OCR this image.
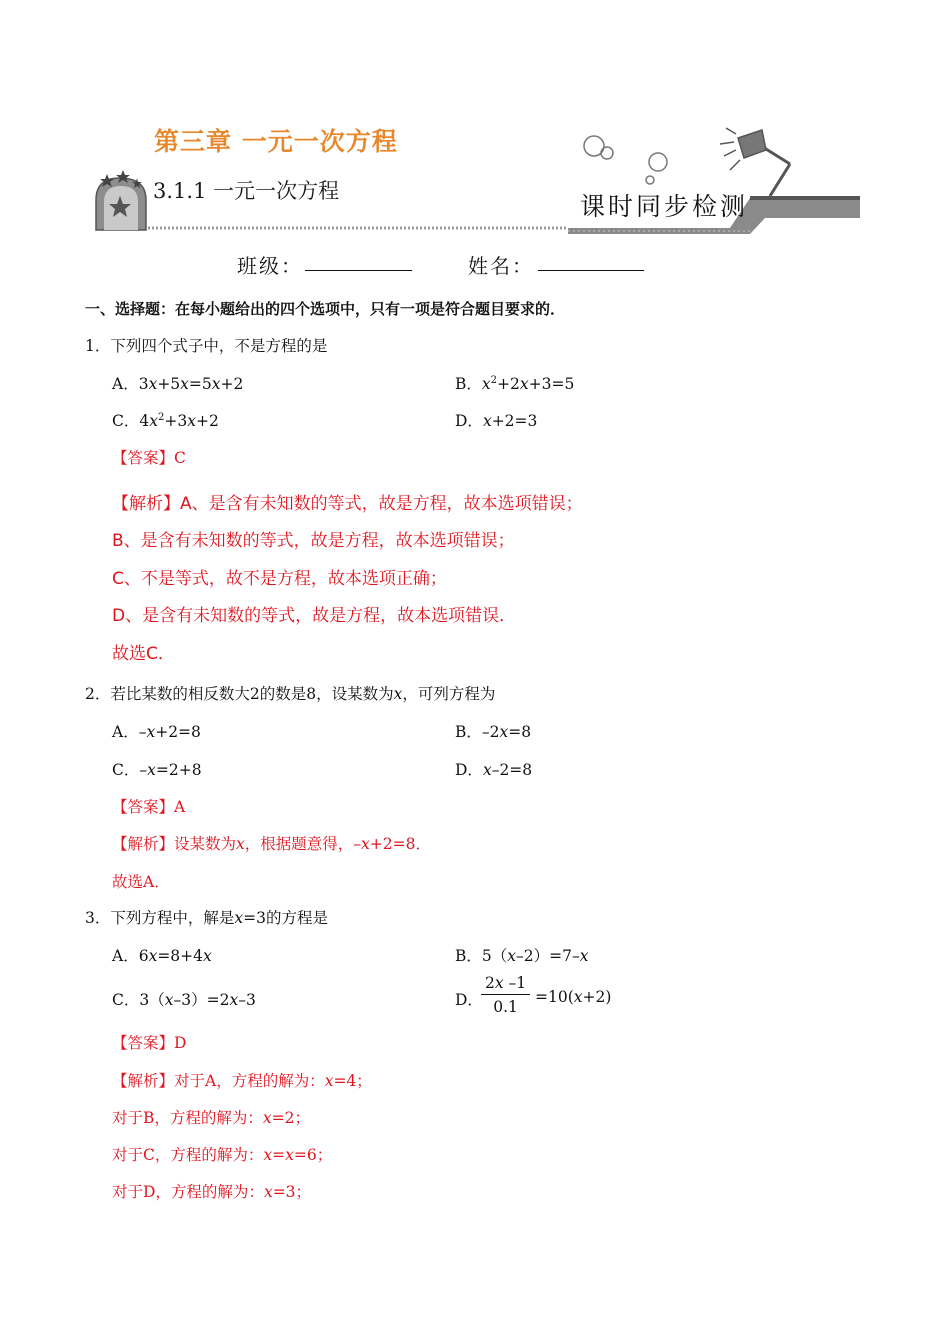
第三章 一元一次方程
3.1.1 一元一次方程
课时同步检测
班级：	姓名：
一、选择题：在每小题给出的四个选项中，只有一项是符合题目要求的．
1．下列四个式子中，不是方程的是
A．3x+5x=5x+2	B．$x^2+2x+3=5$
C．$4x^2+3x+2$	D．x+2=3
【答案】C
【解析】A、是含有未知数的等式，故是方程，故本选项错误；
B、是含有未知数的等式，故是方程，故本选项错误；
C、不是等式，故不是方程，故本选项正确；
D、是含有未知数的等式，故是方程，故本选项错误．
故选C．
2．若比某数的相反数大2的数是8，设某数为x，可列方程为
A．–x+2=8	B．–2x=8
C．–x=2+8	D．x–2=8
【答案】A
【解析】设某数为x，根据题意得，–x+2=8．
故选A．
3．下列方程中，解是x=3的方程是
A．6x=8+4x	B．5（x–2）=7–x
C．3（x–3）=2x–3	D．
$\frac{2x -1}{0.1} =10(x+2)$
【答案】D
【解析】对于A，方程的解为：x=4；
对于B，方程的解为：x=2；
对于C，方程的解为：x=x=6；
对于D，方程的解为：x=3；
